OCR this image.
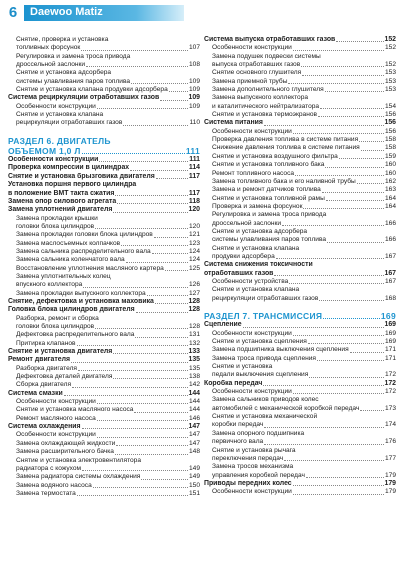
6	Daewoo Matiz
Снятие, проверка и установка
топливных форсунок	107
Регулировка и замена троса привода
дроссельной заслонки	108
Снятие и установка адсорбера
системы улавливания паров топлива	109
Снятие и установка клапана продувки адсорбера	109
Система рециркуляции отработавших газов	109
Особенности конструкции	109
Снятие и установка клапана
рециркуляции отработавших газов	110
РАЗДЕЛ 6. ДВИГАТЕЛЬ
ОБЪЕМОМ 1,0 Л	111
Особенности конструкции	111
Проверка компрессии в цилиндрах	114
Снятие и установка брызговика двигателя	117
Установка поршня первого цилиндра
в положение ВМТ такта сжатия	117
Замена опор силового агрегата	118
Замена уплотнений двигателя	120
Замена прокладки крышки
головки блока цилиндров	120
Замена прокладки головки блока цилиндров	121
Замена маслосъемных колпачков	123
Замена сальника распределительного вала	124
Замена сальника коленчатого вала	124
Восстановление уплотнения масляного картера	125
Замена уплотнительных колец
впускного коллектора	126
Замена прокладки выпускного коллектора	127
Снятие, дефектовка и установка маховика	128
Головка блока цилиндров двигателя	128
Разборка, ремонт и сборка
головки блока цилиндров	128
Дефектовка распределительного вала	131
Притирка клапанов	132
Снятие и установка двигателя	133
Ремонт двигателя	135
Разборка двигателя	135
Дефектовка деталей двигателя	138
Сборка двигателя	142
Система смазки	144
Особенности конструкции	144
Снятие и установка масляного насоса	144
Ремонт масляного насоса	146
Система охлаждения	147
Особенности конструкции	147
Замена охлаждающей жидкости	147
Замена расширительного бачка	148
Снятие и установка электровентилятора
радиатора с кожухом	149
Замена радиатора системы охлаждения	149
Замена водяного насоса	150
Замена термостата	151
Система выпуска отработавших газов	152
Особенности конструкции	152
Замена подушек подвески системы
выпуска отработавших газов	152
Снятие основного глушителя	153
Замена приемной трубы	153
Замена дополнительного глушителя	153
Замена выпускного коллектора
и каталитического нейтрализатора	154
Снятие и установка термоэкранов	156
Система питания	156
Особенности конструкции	156
Проверка давления топлива в системе питания	158
Снижение давления топлива в системе питания	158
Снятие и установка воздушного фильтра	159
Снятие и установка топливного бака	160
Ремонт топливного насоса	160
Замена топливного бака и его наливной трубы	162
Замена и ремонт датчиков топлива	163
Снятие и установка топливной рамы	164
Проверка и замена форсунок	164
Регулировка и замена троса привода
дроссельной заслонки	166
Снятие и установка адсорбера
системы улавливания паров топлива	166
Снятие и установка клапана
продувки адсорбера	167
Система снижения токсичности
отработавших газов	167
Особенности устройства	167
Снятие и установка клапана
рециркуляции отработавших газов	168
РАЗДЕЛ 7. ТРАНСМИССИЯ	169
Сцепление	169
Особенности конструкции	169
Снятие и установка сцепления	169
Замена подшипника выключения сцепления	171
Замена троса привода сцепления	171
Снятие и установка
педали выключения сцепления	172
Коробка передач	172
Особенности конструкции	172
Замена сальников приводов колес
автомобилей с механической коробкой передач	173
Снятие и установка механической
коробки передач	174
Замена опорного подшипника
первичного вала	176
Снятие и установка рычага
переключения передач	177
Замена тросов механизма
управления коробкой передач	179
Приводы передних колес	179
Особенности конструкции	179
